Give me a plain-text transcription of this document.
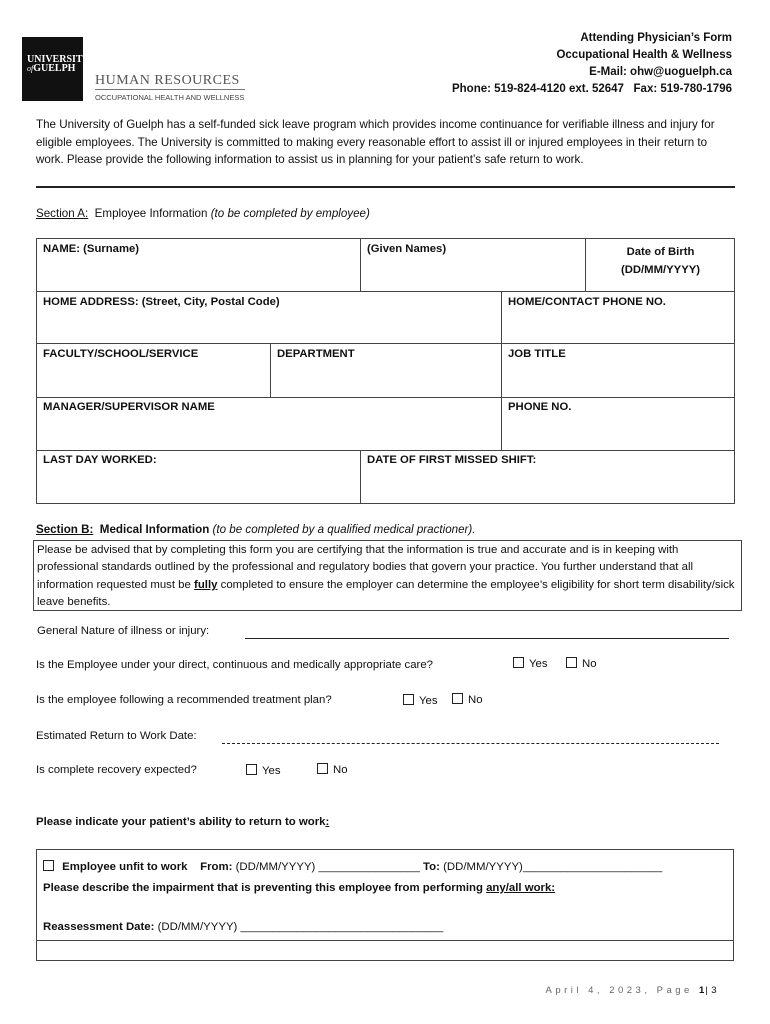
UNIVERSITY
ofGUELPH
HUMAN RESOURCES
OCCUPATIONAL HEALTH AND WELLNESS
Attending Physician’s Form
Occupational Health & Wellness
E-Mail: ohw@uoguelph.ca
Phone: 519-824-4120 ext. 52647   Fax: 519-780-1796
The University of Guelph has a self-funded sick leave program which provides income continuance for verifiable illness and injury for eligible employees. The University is committed to making every reasonable effort to assist ill or injured employees in their return to work. Please provide the following information to assist us in planning for your patient’s safe return to work.
Section A: Employee Information (to be completed by employee)
NAME: (Surname)	(Given Names)	Date of Birth
(DD/MM/YYYY)
HOME ADDRESS: (Street, City, Postal Code)	HOME/CONTACT PHONE NO.
FACULTY/SCHOOL/SERVICE	DEPARTMENT	JOB TITLE
MANAGER/SUPERVISOR NAME	PHONE NO.
LAST DAY WORKED:	DATE OF FIRST MISSED SHIFT:
Section B: Medical Information (to be completed by a qualified medical practioner).
Please be advised that by completing this form you are certifying that the information is true and accurate and is in keeping with professional standards outlined by the professional and regulatory bodies that govern your practice. You further understand that all information requested must be fully completed to ensure the employer can determine the employee’s eligibility for short term disability/sick leave benefits.
General Nature of illness or injury:
Is the Employee under your direct, continuous and medically appropriate care?	Yes	No
Is the employee following a recommended treatment plan?	Yes	No
Estimated Return to Work Date:
Is complete recovery expected?	Yes	No
Please indicate your patient’s ability to return to work:
Employee unfit to work From: (DD/MM/YYYY) ________________ To: (DD/MM/YYYY)______________________
Please describe the impairment that is preventing this employee from performing any/all work:
Reassessment Date: (DD/MM/YYYY) ________________________________
April 4, 2023, Page 1|3
